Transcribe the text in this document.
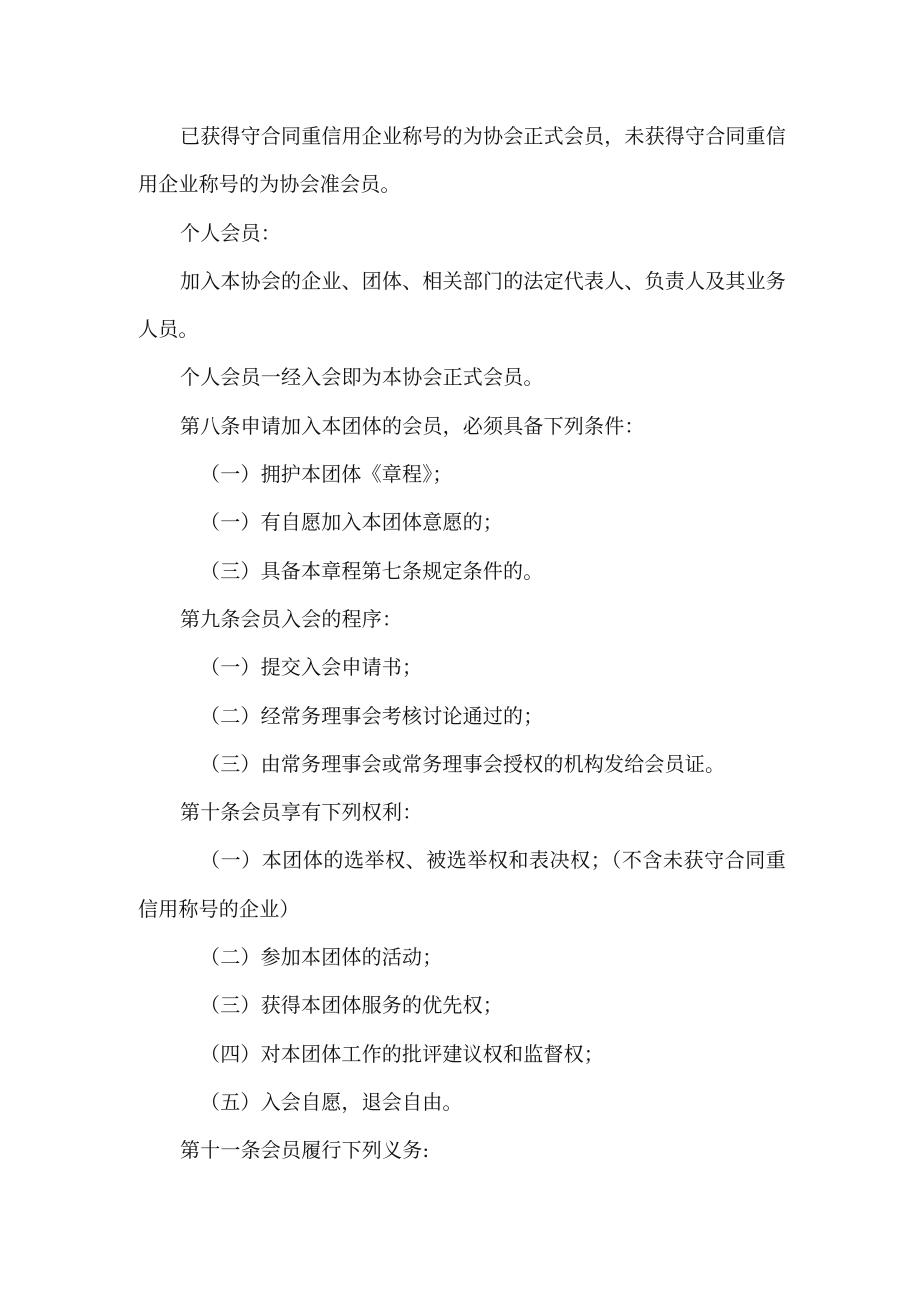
已获得守合同重信用企业称号的为协会正式会员，未获得守合同重信用企业称号的为协会准会员。

个人会员：

加入本协会的企业、团体、相关部门的法定代表人、负责人及其业务人员。

个人会员一经入会即为本协会正式会员。

第八条申请加入本团体的会员，必须具备下列条件：

（一）拥护本团体《章程》；

（一）有自愿加入本团体意愿的；

（三）具备本章程第七条规定条件的。

第九条会员入会的程序：

（一）提交入会申请书；

（二）经常务理事会考核讨论通过的；

（三）由常务理事会或常务理事会授权的机构发给会员证。

第十条会员享有下列权利：

（一）本团体的选举权、被选举权和表决权；（不含未获守合同重信用称号的企业）

（二）参加本团体的活动；

（三）获得本团体服务的优先权；

（四）对本团体工作的批评建议权和监督权；

（五）入会自愿，退会自由。

第十一条会员履行下列义务:
